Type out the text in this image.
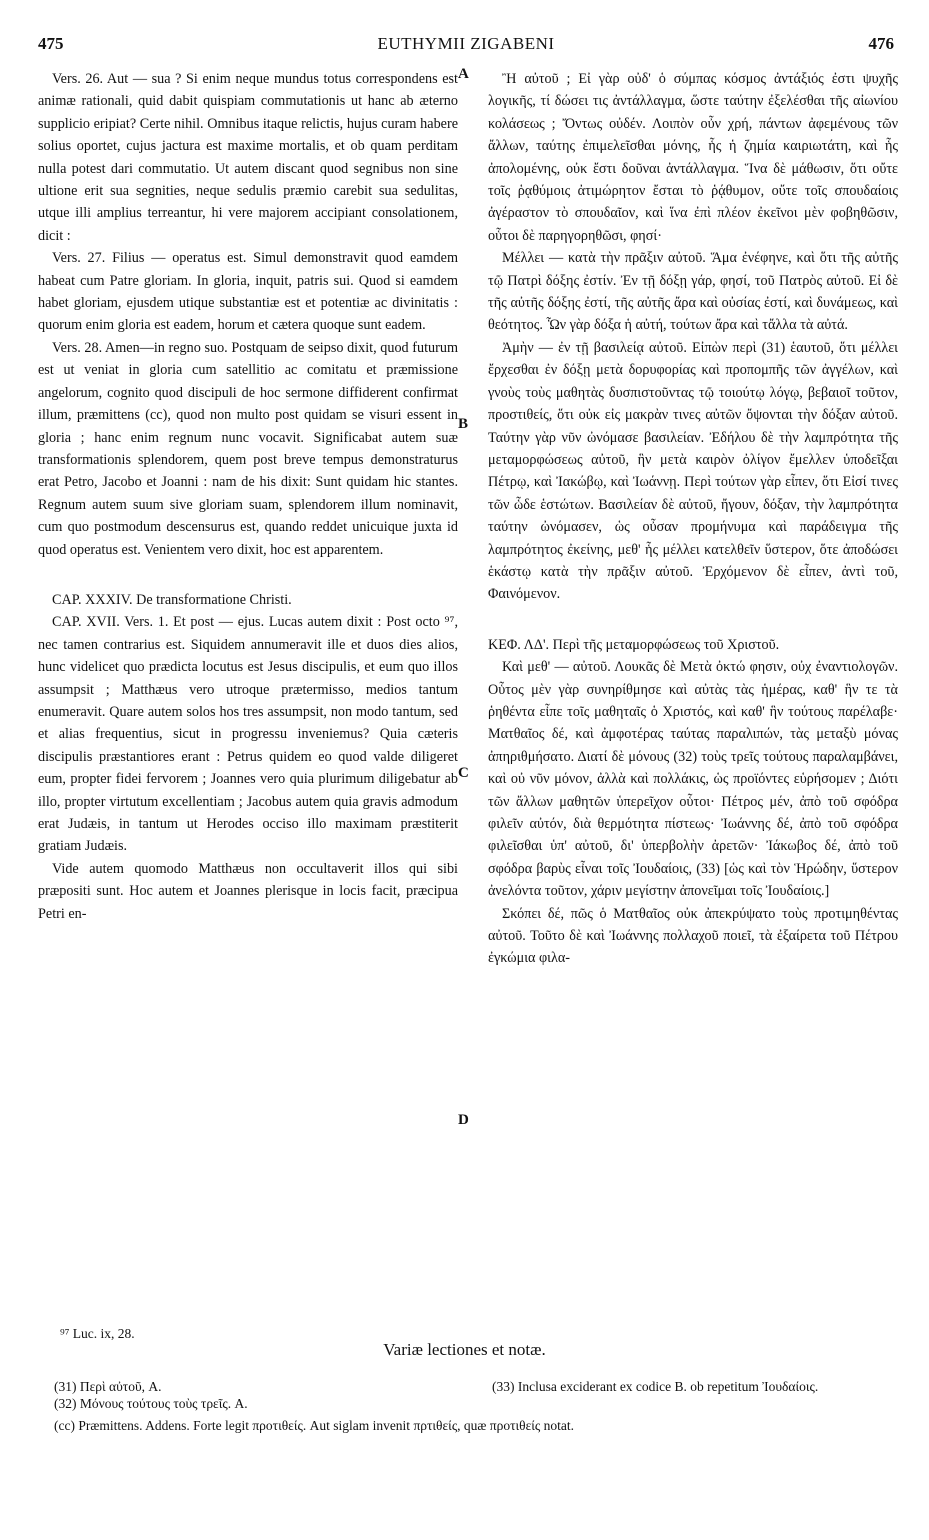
475	EUTHYMII ZIGABENI	476

Vers. 26. Aut — sua ? Si enim neque mundus totus correspondens est animæ rationali, quid dabit quispiam commutationis ut hanc ab æterno supplicio eripiat? Certe nihil. Omnibus itaque relictis, hujus curam habere solius oportet, cujus jactura est maxime mortalis, et ob quam perditam nulla potest dari commutatio. Ut autem discant quod segnibus non sine ultione erit sua segnities, neque sedulis præmio carebit sua sedulitas, utque illi amplius terreantur, hi vere majorem accipiant consolationem, dicit :

Vers. 27. Filius — operatus est. Simul demonstravit quod eamdem habeat cum Patre gloriam. In gloria, inquit, patris sui. Quod si eamdem habet gloriam, ejusdem utique substantiæ est et potentiæ ac divinitatis : quorum enim gloria est eadem, horum et cætera quoque sunt eadem.

Vers. 28. Amen—in regno suo. Postquam de seipso dixit, quod futurum est ut veniat in gloria cum satellitio ac comitatu et præmissione angelorum, cognito quod discipuli de hoc sermone diffiderent confirmat illum, præmittens (cc), quod non multo post quidam se visuri essent in gloria ; hanc enim regnum nunc vocavit. Significabat autem suæ transformationis splendorem, quem post breve tempus demonstraturus erat Petro, Jacobo et Joanni : nam de his dixit: Sunt quidam hic stantes. Regnum autem suum sive gloriam suam, splendorem illum nominavit, cum quo postmodum descensurus est, quando reddet unicuique juxta id quod operatus est. Venientem vero dixit, hoc est apparentem.

CAP. XXXIV. De transformatione Christi.

CAP. XVII. Vers. 1. Et post — ejus. Lucas autem dixit : Post octo ⁹⁷, nec tamen contrarius est. Siquidem annumeravit ille et duos dies alios, hunc videlicet quo prædicta locutus est Jesus discipulis, et eum quo illos assumpsit ; Matthæus vero utroque prætermisso, medios tantum enumeravit. Quare autem solos hos tres assumpsit, non modo tantum, sed et alias frequentius, sicut in progressu inveniemus? Quia cæteris discipulis præstantiores erant : Petrus quidem eo quod valde diligeret eum, propter fidei fervorem ; Joannes vero quia plurimum diligebatur ab illo, propter virtutum excellentiam ; Jacobus autem quia gravis admodum erat Judæis, in tantum ut Herodes occiso illo maximam præstiterit gratiam Judæis.

Vide autem quomodo Matthæus non occultaverit illos qui sibi præpositi sunt. Hoc autem et Joannes plerisque in locis facit, præcipua Petri en-

Ἢ αὐτοῦ ; Εἰ γὰρ οὐδ' ὁ σύμπας κόσμος ἀντάξιός ἐστι ψυχῆς λογικῆς, τί δώσει τις ἀντάλλαγμα, ὥστε ταύτην ἐξελέσθαι τῆς αἰωνίου κολάσεως ; Ὄντως οὐδέν. Λοιπὸν οὖν χρή, πάντων ἀφεμένους τῶν ἄλλων, ταύτης ἐπιμελεῖσθαι μόνης, ἧς ἡ ζημία καιριωτάτη, καὶ ἧς ἀπολομένης, οὐκ ἔστι δοῦναι ἀντάλλαγμα. Ἵνα δὲ μάθωσιν, ὅτι οὔτε τοῖς ῥᾳθύμοις ἀτιμώρητον ἔσται τὸ ῥᾴθυμον, οὔτε τοῖς σπουδαίοις ἀγέραστον τὸ σπουδαῖον, καὶ ἵνα ἐπὶ πλέον ἐκεῖνοι μὲν φοβηθῶσιν, οὗτοι δὲ παρηγορηθῶσι, φησί·

Μέλλει — κατὰ τὴν πρᾶξιν αὐτοῦ. Ἅμα ἐνέφηνε, καὶ ὅτι τῆς αὐτῆς τῷ Πατρὶ δόξης ἐστίν. Ἐν τῇ δόξῃ γάρ, φησί, τοῦ Πατρὸς αὐτοῦ. Εἰ δὲ τῆς αὐτῆς δόξης ἐστί, τῆς αὐτῆς ἄρα καὶ οὐσίας ἐστί, καὶ δυνάμεως, καὶ θεότητος. Ὧν γὰρ δόξα ἡ αὐτή, τούτων ἄρα καὶ τἄλλα τὰ αὐτά.

Ἀμὴν — ἐν τῇ βασιλείᾳ αὐτοῦ. Εἰπὼν περὶ (31) ἑαυτοῦ, ὅτι μέλλει ἔρχεσθαι ἐν δόξῃ μετὰ δορυφορίας καὶ προπομπῆς τῶν ἀγγέλων, καὶ γνοὺς τοὺς μαθητὰς δυσπιστοῦντας τῷ τοιούτῳ λόγῳ, βεβαιοῖ τοῦτον, προστιθείς, ὅτι οὐκ εἰς μακρὰν τινες αὐτῶν ὄψονται τὴν δόξαν αὐτοῦ. Ταύτην γὰρ νῦν ὠνόμασε βασιλείαν. Ἐδήλου δὲ τὴν λαμπρότητα τῆς μεταμορφώσεως αὐτοῦ, ἣν μετὰ καιρὸν ὀλίγον ἔμελλεν ὑποδεῖξαι Πέτρῳ, καὶ Ἰακώβῳ, καὶ Ἰωάννῃ. Περὶ τούτων γὰρ εἶπεν, ὅτι Εἰσί τινες τῶν ὧδε ἑστώτων. Βασιλείαν δὲ αὐτοῦ, ἤγουν, δόξαν, τὴν λαμπρότητα ταύτην ὠνόμασεν, ὡς οὖσαν προμήνυμα καὶ παράδειγμα τῆς λαμπρότητος ἐκείνης, μεθ' ἧς μέλλει κατελθεῖν ὕστερον, ὅτε ἀποδώσει ἑκάστῳ κατὰ τὴν πρᾶξιν αὐτοῦ. Ἐρχόμενον δὲ εἶπεν, ἀντὶ τοῦ, Φαινόμενον.

ΚΕΦ. ΛΔ'. Περὶ τῆς μεταμορφώσεως τοῦ Χριστοῦ.

Καὶ μεθ' — αὐτοῦ. Λουκᾶς δὲ Μετὰ ὀκτώ φησιν, οὐχ ἐναντιολογῶν. Οὗτος μὲν γὰρ συνηρίθμησε καὶ αὐτὰς τὰς ἡμέρας, καθ' ἣν τε τὰ ῥηθέντα εἶπε τοῖς μαθηταῖς ὁ Χριστός, καὶ καθ' ἣν τούτους παρέλαβε· Ματθαῖος δέ, καὶ ἀμφοτέρας ταύτας παραλιπών, τὰς μεταξὺ μόνας ἀπηριθμήσατο. Διατί δὲ μόνους (32) τοὺς τρεῖς τούτους παραλαμβάνει, καὶ οὐ νῦν μόνον, ἀλλὰ καὶ πολλάκις, ὡς προϊόντες εὑρήσομεν ; Διότι τῶν ἄλλων μαθητῶν ὑπερεῖχον οὗτοι· Πέτρος μέν, ἀπὸ τοῦ σφόδρα φιλεῖν αὐτόν, διὰ θερμότητα πίστεως· Ἰωάννης δέ, ἀπὸ τοῦ σφόδρα φιλεῖσθαι ὑπ' αὐτοῦ, δι' ὑπερβολὴν ἀρετῶν· Ἰάκωβος δέ, ἀπὸ τοῦ σφόδρα βαρὺς εἶναι τοῖς Ἰουδαίοις, (33) [ὡς καὶ τὸν Ἡρώδην, ὕστερον ἀνελόντα τοῦτον, χάριν μεγίστην ἀπονεῖμαι τοῖς Ἰουδαίοις.]

Σκόπει δέ, πῶς ὁ Ματθαῖος οὐκ ἀπεκρύψατο τοὺς προτιμηθέντας αὐτοῦ. Τοῦτο δὲ καὶ Ἰωάννης πολλαχοῦ ποιεῖ, τὰ ἐξαίρετα τοῦ Πέτρου ἐγκώμια φιλα-

A
B
C
D
⁹⁷ Luc. ix, 28.
Variæ lectiones et notæ.
(31) Περὶ αὐτοῦ, A.
(32) Μόνους τούτους τοὺς τρεῖς. A.
(33) Inclusa exciderant ex codice B. ob repetitum Ἰουδαίοις.
(cc) Præmittens. Addens. Forte legit προτιθείς. Aut siglam invenit πρτιθείς, quæ προτιθείς notat.
